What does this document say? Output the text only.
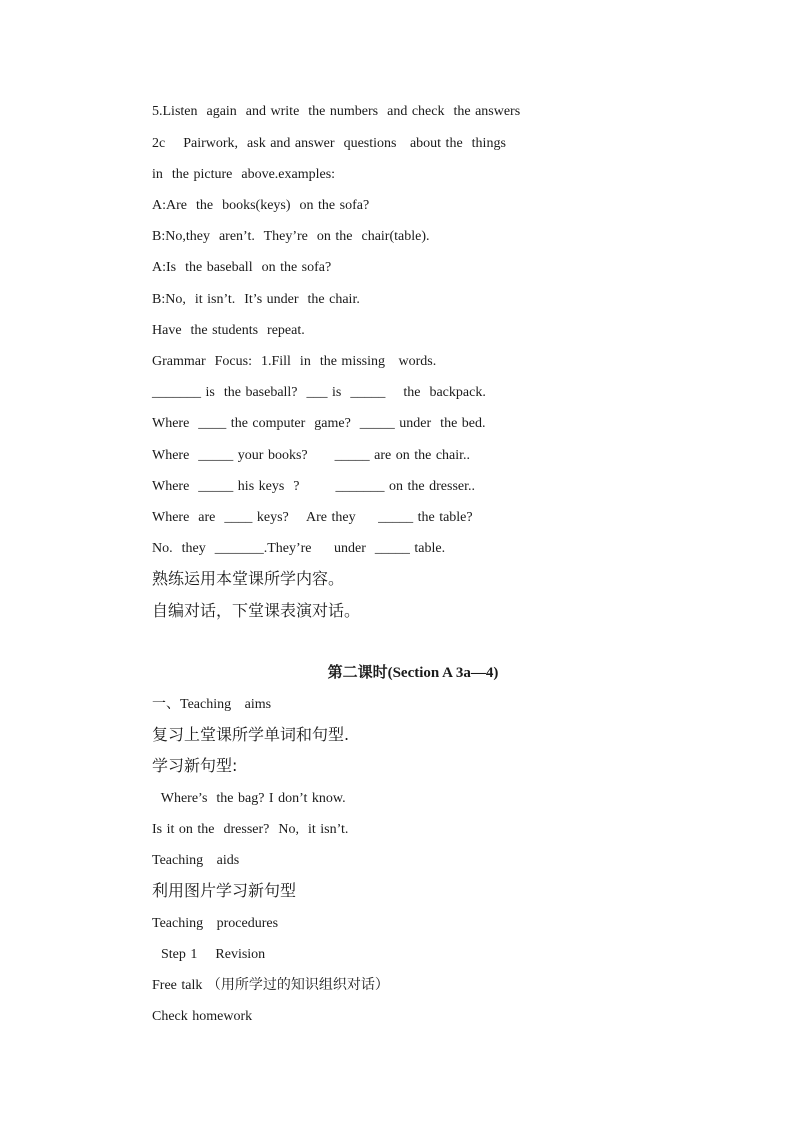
5.Listen  again  and write  the numbers  and check  the answers
2c    Pairwork,  ask and answer  questions   about the  things
in  the picture  above.examples:
A:Are  the  books(keys)  on the sofa?
B:No,they  aren’t.  They’re  on the  chair(table).
A:Is  the baseball  on the sofa?
B:No,  it isn’t.  It’s under  the chair.
Have  the students  repeat.
Grammar  Focus:  1.Fill  in  the missing   words.
_______ is  the baseball?  ___ is  _____    the  backpack.
Where  ____ the computer  game?  _____ under  the bed.
Where  _____ your books?      _____ are on the chair..
Where  _____ his keys  ?        _______ on the dresser..
Where  are  ____ keys?    Are they     _____ the table?
No.  they  _______.They’re     under  _____ table.
熟练运用本堂课所学内容。
自编对话，下堂课表演对话。
第二课时(Section A 3a—4)
一、Teaching   aims
复习上堂课所学单词和句型.
学习新句型:
Where’s  the bag? I don’t know.
Is it on the  dresser?  No,  it isn’t.
Teaching   aids
利用图片学习新句型
Teaching   procedures
Step 1    Revision
Free talk （用所学过的知识组织对话）
Check homework
